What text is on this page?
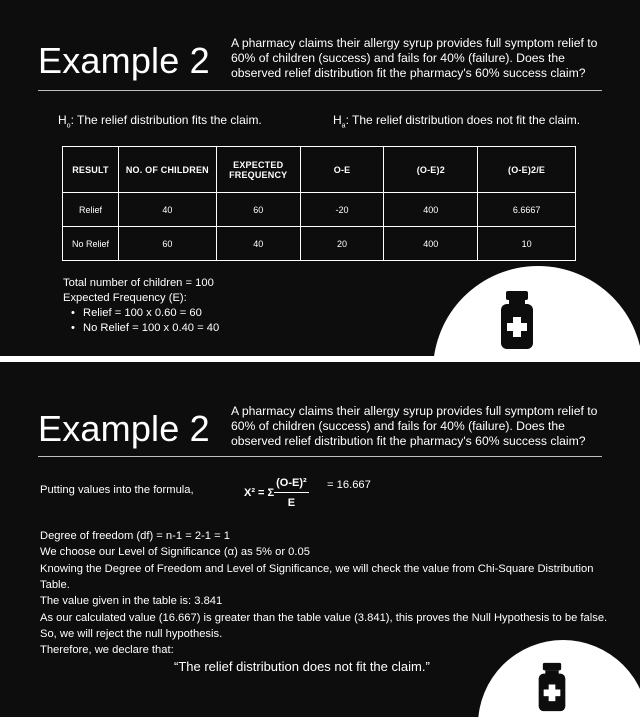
Example 2 A pharmacy claims their allergy syrup provides full symptom relief to 60% of children (success) and fails for 40% (failure). Does the observed relief distribution fit the pharmacy's 60% success claim?
$H_o$: The relief distribution fits the claim.	$H_a$: The relief distribution does not fit the claim.
RESULT	NO. OF CHILDREN	EXPECTED FREQUENCY	O-E	(O-E)2	(O-E)2/E
Relief	40	60	-20	400	6.6667
No Relief	60	40	20	400	10
Total number of children = 100
Expected Frequency (E):
• Relief = 100 x 0.60 = 60
• No Relief = 100 x 0.40 = 40
Example 2 A pharmacy claims their allergy syrup provides full symptom relief to 60% of children (success) and fails for 40% (failure). Does the observed relief distribution fit the pharmacy's 60% success claim?
Putting values into the formula,	X² = Σ $\frac{\text{(O-E)²}}{E} = 16.667$
Degree of freedom (df) = n-1 = 2-1 = 1
We choose our Level of Significance (α) as 5% or 0.05
Knowing the Degree of Freedom and Level of Significance, we will check the value from Chi-Square Distribution Table.
The value given in the table is: 3.841
As our calculated value (16.667) is greater than the table value (3.841), this proves the Null Hypothesis to be false. So, we will reject the null hypothesis.
Therefore, we declare that:
“The relief distribution does not fit the claim.”
